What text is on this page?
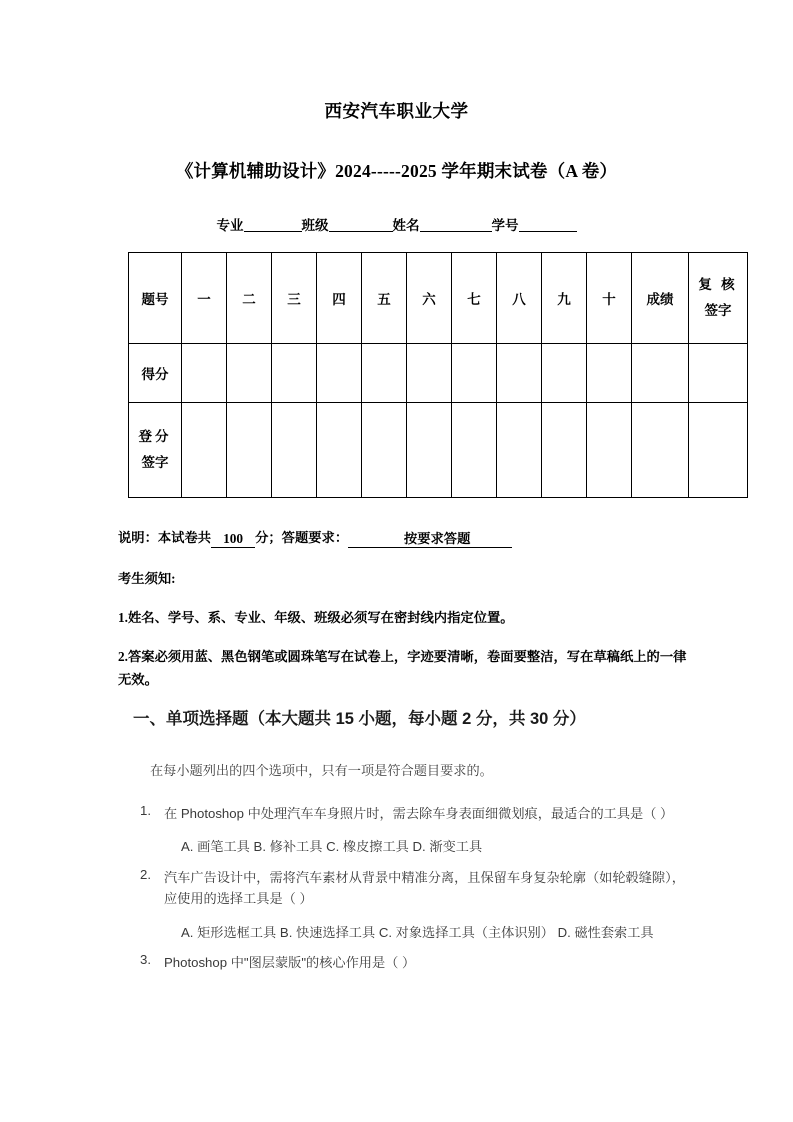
西安汽车职业大学
《计算机辅助设计》2024-----2025 学年期末试卷（A 卷）
专业	班级	姓名	学号
题号	一	二	三	四	五	六	七	八	九	十	成绩	复 核
签字

得分												

登分
签字												

说明：本试卷共 100 分；答题要求：	按要求答题
考生须知:
1.姓名、学号、系、专业、年级、班级必须写在密封线内指定位置。
2.答案必须用蓝、黑色钢笔或圆珠笔写在试卷上，字迹要清晰，卷面要整洁，写在草稿纸上的一律无效。
一、单项选择题（本大题共 15 小题，每小题 2 分，共 30 分）
在每小题列出的四个选项中，只有一项是符合题目要求的。
1. 在 Photoshop 中处理汽车车身照片时，需去除车身表面细微划痕，最适合的工具是（ ）
A. 画笔工具 B. 修补工具 C. 橡皮擦工具 D. 渐变工具
2. 汽车广告设计中，需将汽车素材从背景中精准分离，且保留车身复杂轮廓（如轮毂缝隙），应使用的选择工具是（ ）
A. 矩形选框工具 B. 快速选择工具 C. 对象选择工具（主体识别） D. 磁性套索工具
3. Photoshop 中"图层蒙版"的核心作用是（ ）
